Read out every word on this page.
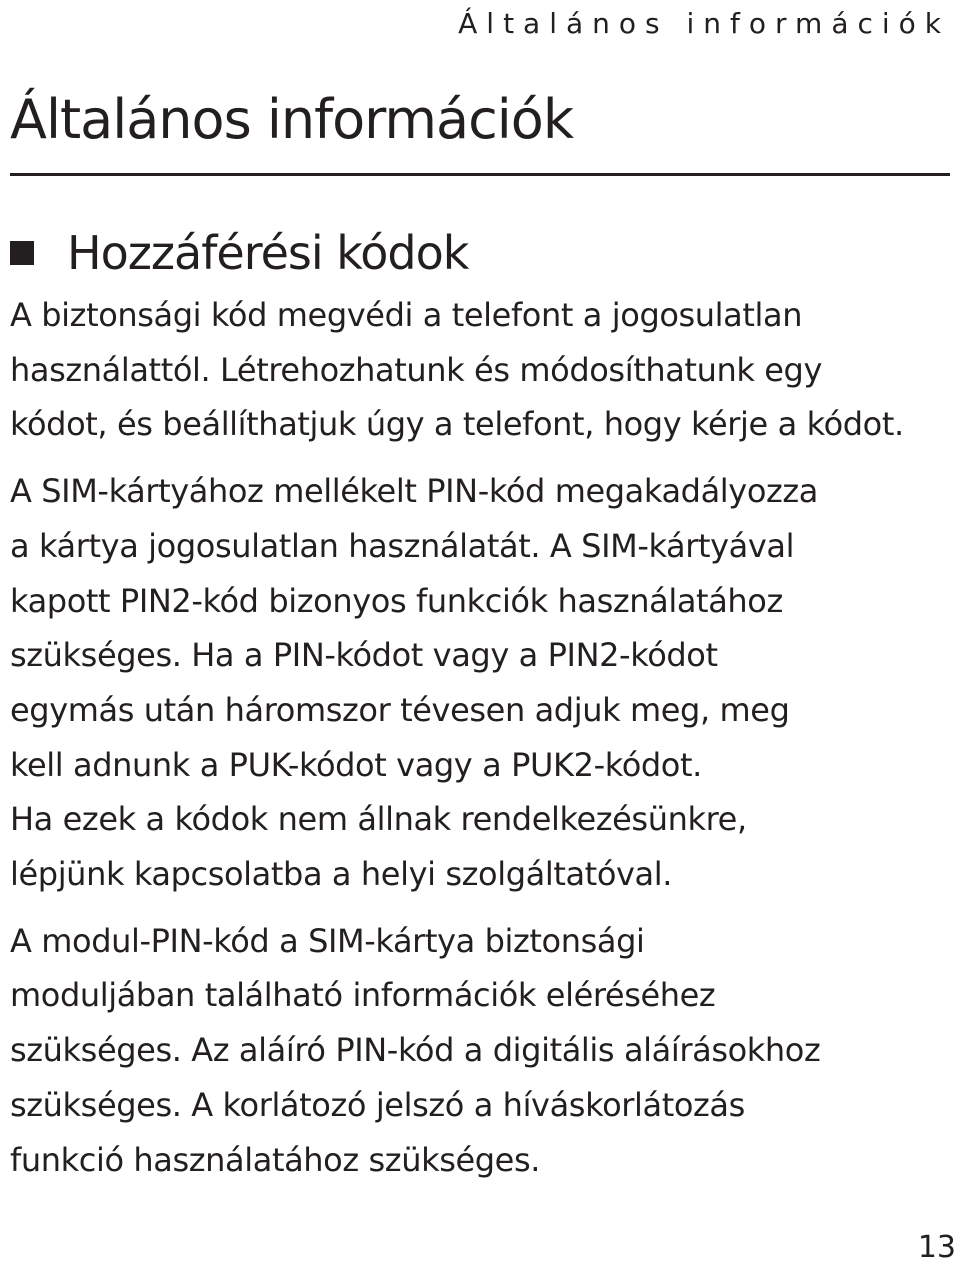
Általános információk
Általános információk
Hozzáférési kódok

A biztonsági kód megvédi a telefont a jogosulatlan

használattól. Létrehozhatunk és módosíthatunk egy

kódot, és beállíthatjuk úgy a telefont, hogy kérje a kódot.

A SIM-kártyához mellékelt PIN-kód megakadályozza

a kártya jogosulatlan használatát. A SIM-kártyával

kapott PIN2-kód bizonyos funkciók használatához

szükséges. Ha a PIN-kódot vagy a PIN2-kódot

egymás után háromszor tévesen adjuk meg, meg

kell adnunk a PUK-kódot vagy a PUK2-kódot.

Ha ezek a kódok nem állnak rendelkezésünkre,

lépjünk kapcsolatba a helyi szolgáltatóval.

A modul-PIN-kód a SIM-kártya biztonsági

moduljában található információk eléréséhez

szükséges. Az aláíró PIN-kód a digitális aláírásokhoz

szükséges. A korlátozó jelszó a híváskorlátozás

funkció használatához szükséges.

13
